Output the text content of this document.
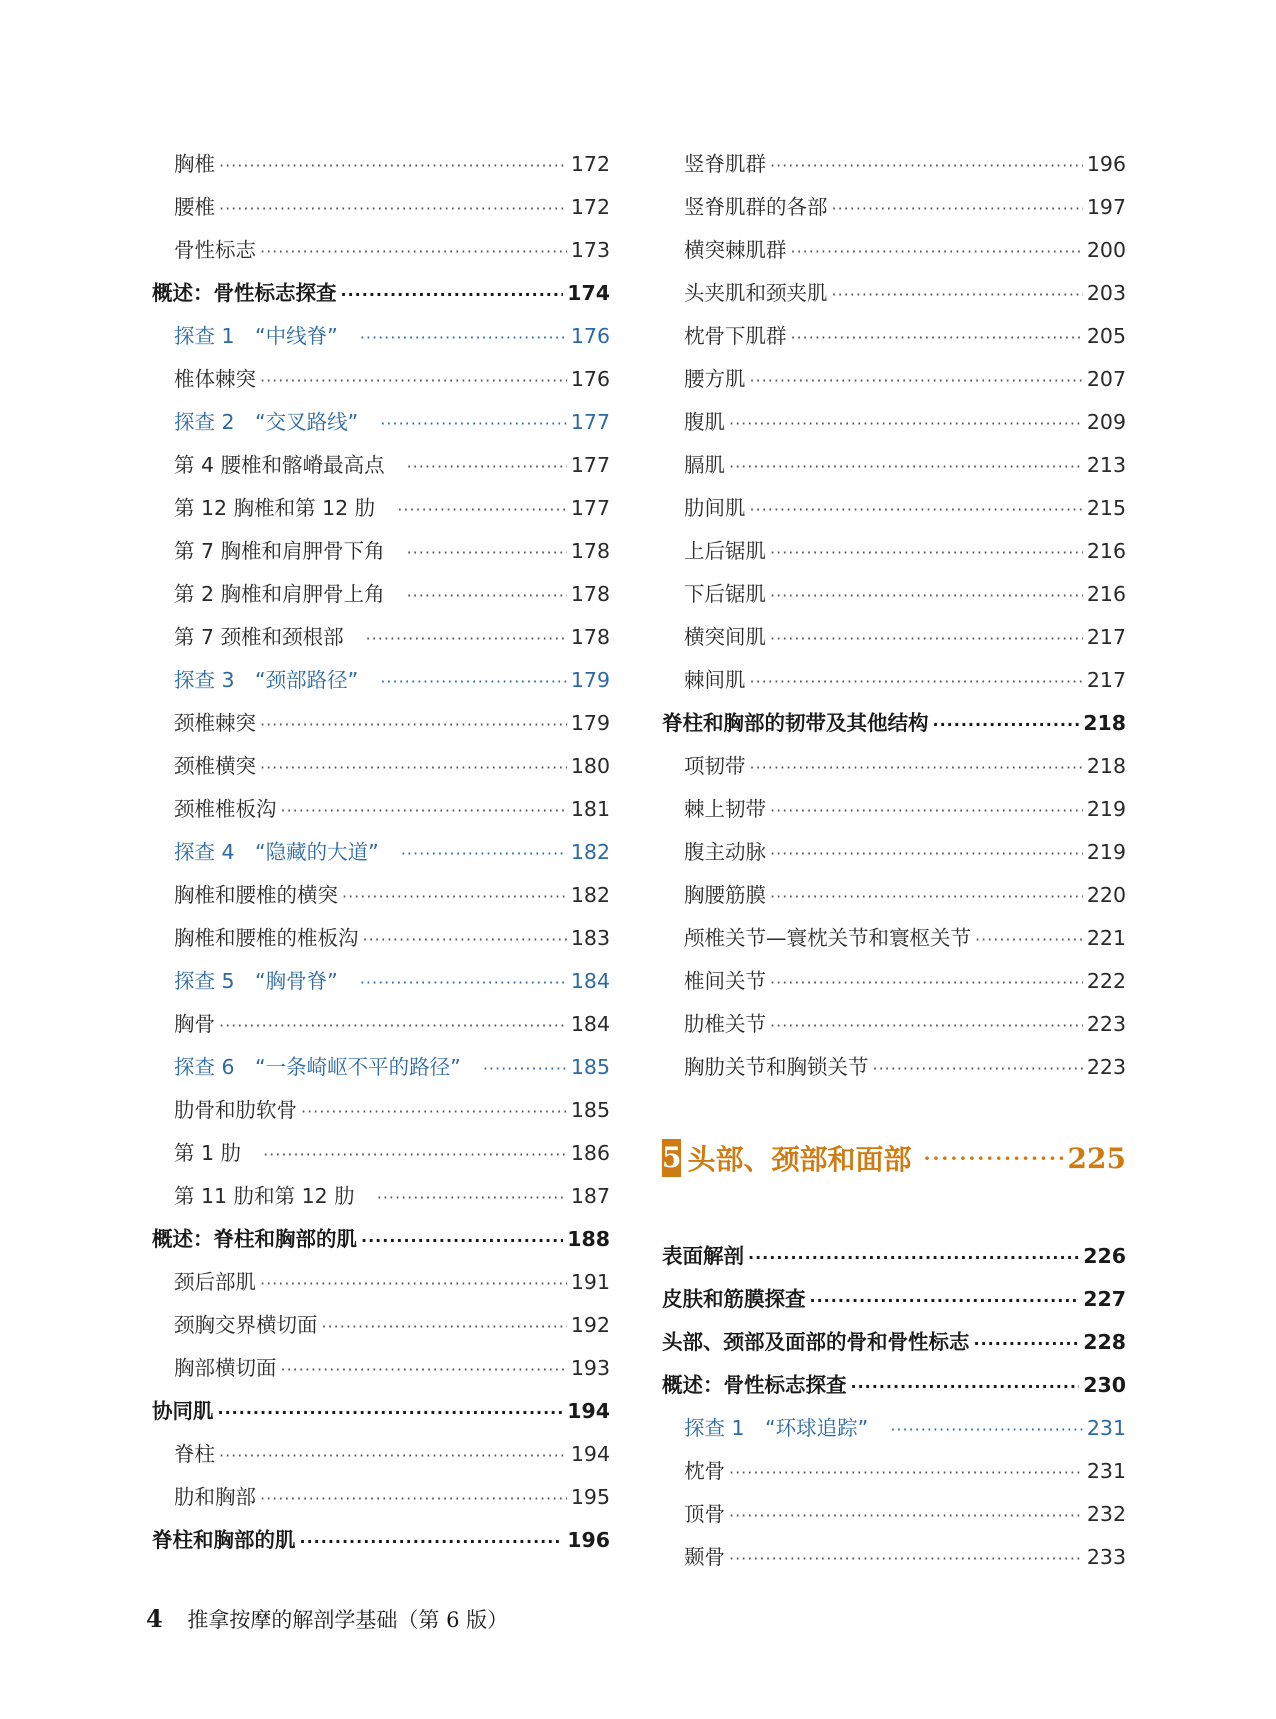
胸椎 ·····	172
腰椎 ·····	172
骨性标志 ·····	173
概述：骨性标志探查 ·····	174
探查 1　“中线脊” ·····	176
椎体棘突 ·····	176
探查 2　“交叉路线” ·····	177
第 4 腰椎和髂嵴最高点 ·····	177
第 12 胸椎和第 12 肋 ·····	177
第 7 胸椎和肩胛骨下角 ·····	178
第 2 胸椎和肩胛骨上角 ·····	178
第 7 颈椎和颈根部 ·····	178
探查 3　“颈部路径” ·····	179
颈椎棘突 ·····	179
颈椎横突 ·····	180
颈椎椎板沟 ·····	181
探查 4　“隐藏的大道” ·····	182
胸椎和腰椎的横突 ·····	182
胸椎和腰椎的椎板沟 ·····	183
探查 5　“胸骨脊” ·····	184
胸骨 ·····	184
探查 6　“一条崎岖不平的路径” ·····	185
肋骨和肋软骨 ·····	185
第 1 肋 ·····	186
第 11 肋和第 12 肋 ·····	187
概述：脊柱和胸部的肌 ·····	188
颈后部肌 ·····	191
颈胸交界横切面 ·····	192
胸部横切面 ·····	193
协同肌 ·····	194
脊柱 ·····	194
肋和胸部 ·····	195
脊柱和胸部的肌 ·····	196
竖脊肌群 ·····	196
竖脊肌群的各部 ·····	197
横突棘肌群 ·····	200
头夹肌和颈夹肌 ·····	203
枕骨下肌群 ·····	205
腰方肌 ·····	207
腹肌 ·····	209
膈肌 ·····	213
肋间肌 ·····	215
上后锯肌 ·····	216
下后锯肌 ·····	216
横突间肌 ·····	217
棘间肌 ·····	217
脊柱和胸部的韧带及其他结构 ·····	218
项韧带 ·····	218
棘上韧带 ·····	219
腹主动脉 ·····	219
胸腰筋膜 ·····	220
颅椎关节—寰枕关节和寰枢关节 ·····	221
椎间关节 ·····	222
肋椎关节 ·····	223
胸肋关节和胸锁关节 ·····	223
5 头部、颈部和面部 ·····	225
表面解剖 ·····	226
皮肤和筋膜探查 ·····	227
头部、颈部及面部的骨和骨性标志 ·····	228
概述：骨性标志探查 ·····	230
探查 1　“环球追踪” ·····	231
枕骨 ·····	231
顶骨 ·····	232
颞骨 ·····	233
4 推拿按摩的解剖学基础（第 6 版）
